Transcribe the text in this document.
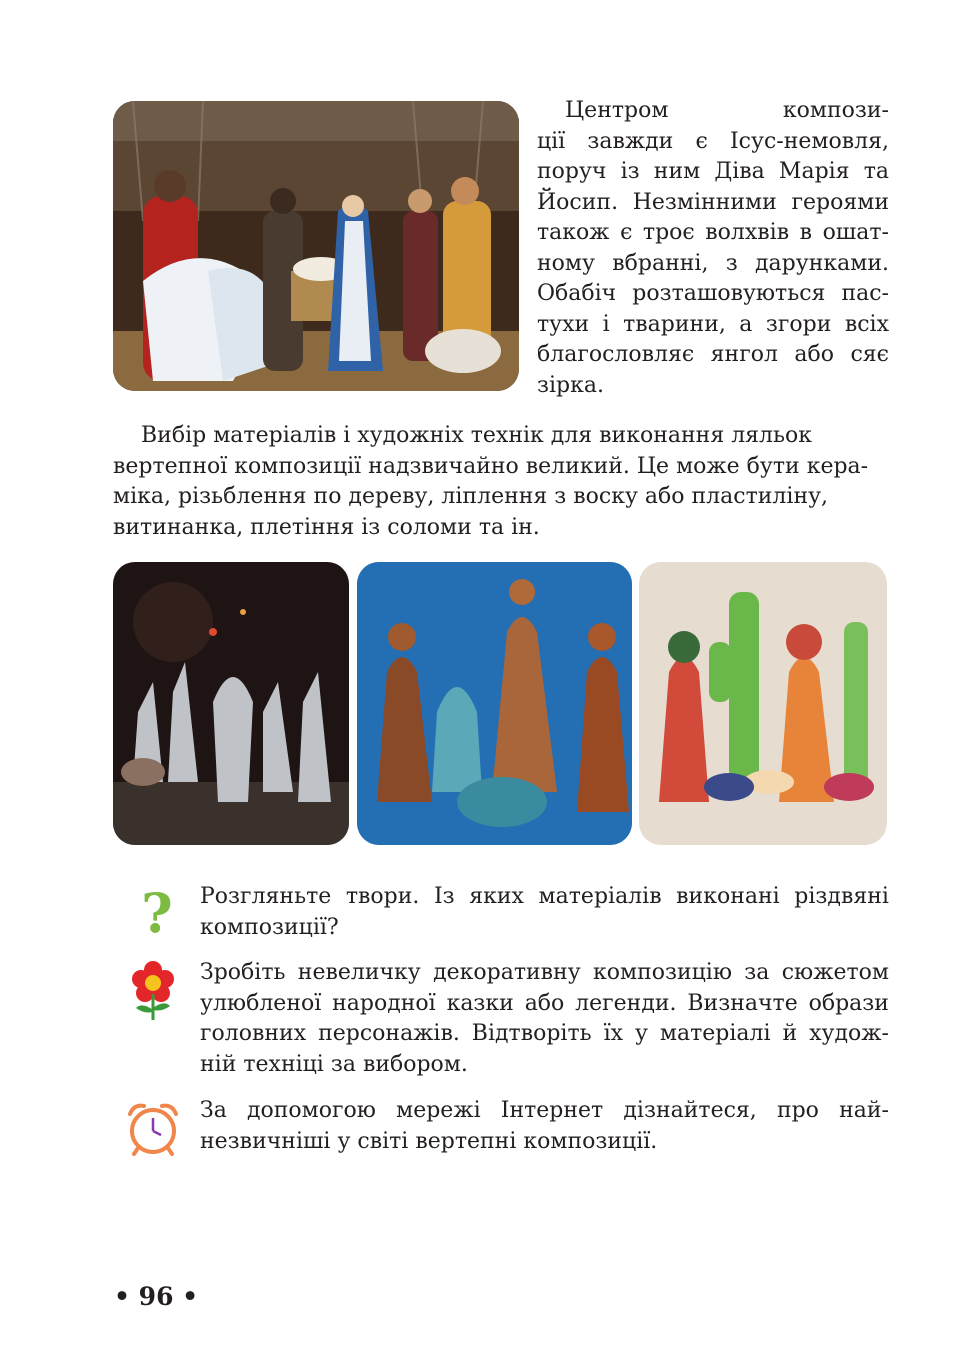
Центром	компози-
ції завжди є Ісус-немовля,
поруч із ним Діва Марія та
Йосип. Незмінними героями
також є троє волхвів в ошат-
ному вбранні, з дарунками.
Обабіч розташовуються пас-
тухи і тварини, а згори всіх
благословляє янгол або сяє
зірка.
Вибір матеріалів і художніх технік для виконання ляльок
вертепної композиції надзвичайно великий. Це може бути кера-
міка, різьблення по дереву, ліплення з воску або пластиліну,
витинанка, плетіння із соломи та ін.
? Розгляньте твори. Із яких матеріалів виконані різдвяні
композиції?
Зробіть невеличку декоративну композицію за сюжетом
улюбленої народної казки або легенди. Визначте образи
головних персонажів. Відтворіть їх у матеріалі й худож-
ній техніці за вибором.
За допомогою мережі Інтернет дізнайтеся, про най-
незвичніші у світі вертепні композиції.
• 96 •
